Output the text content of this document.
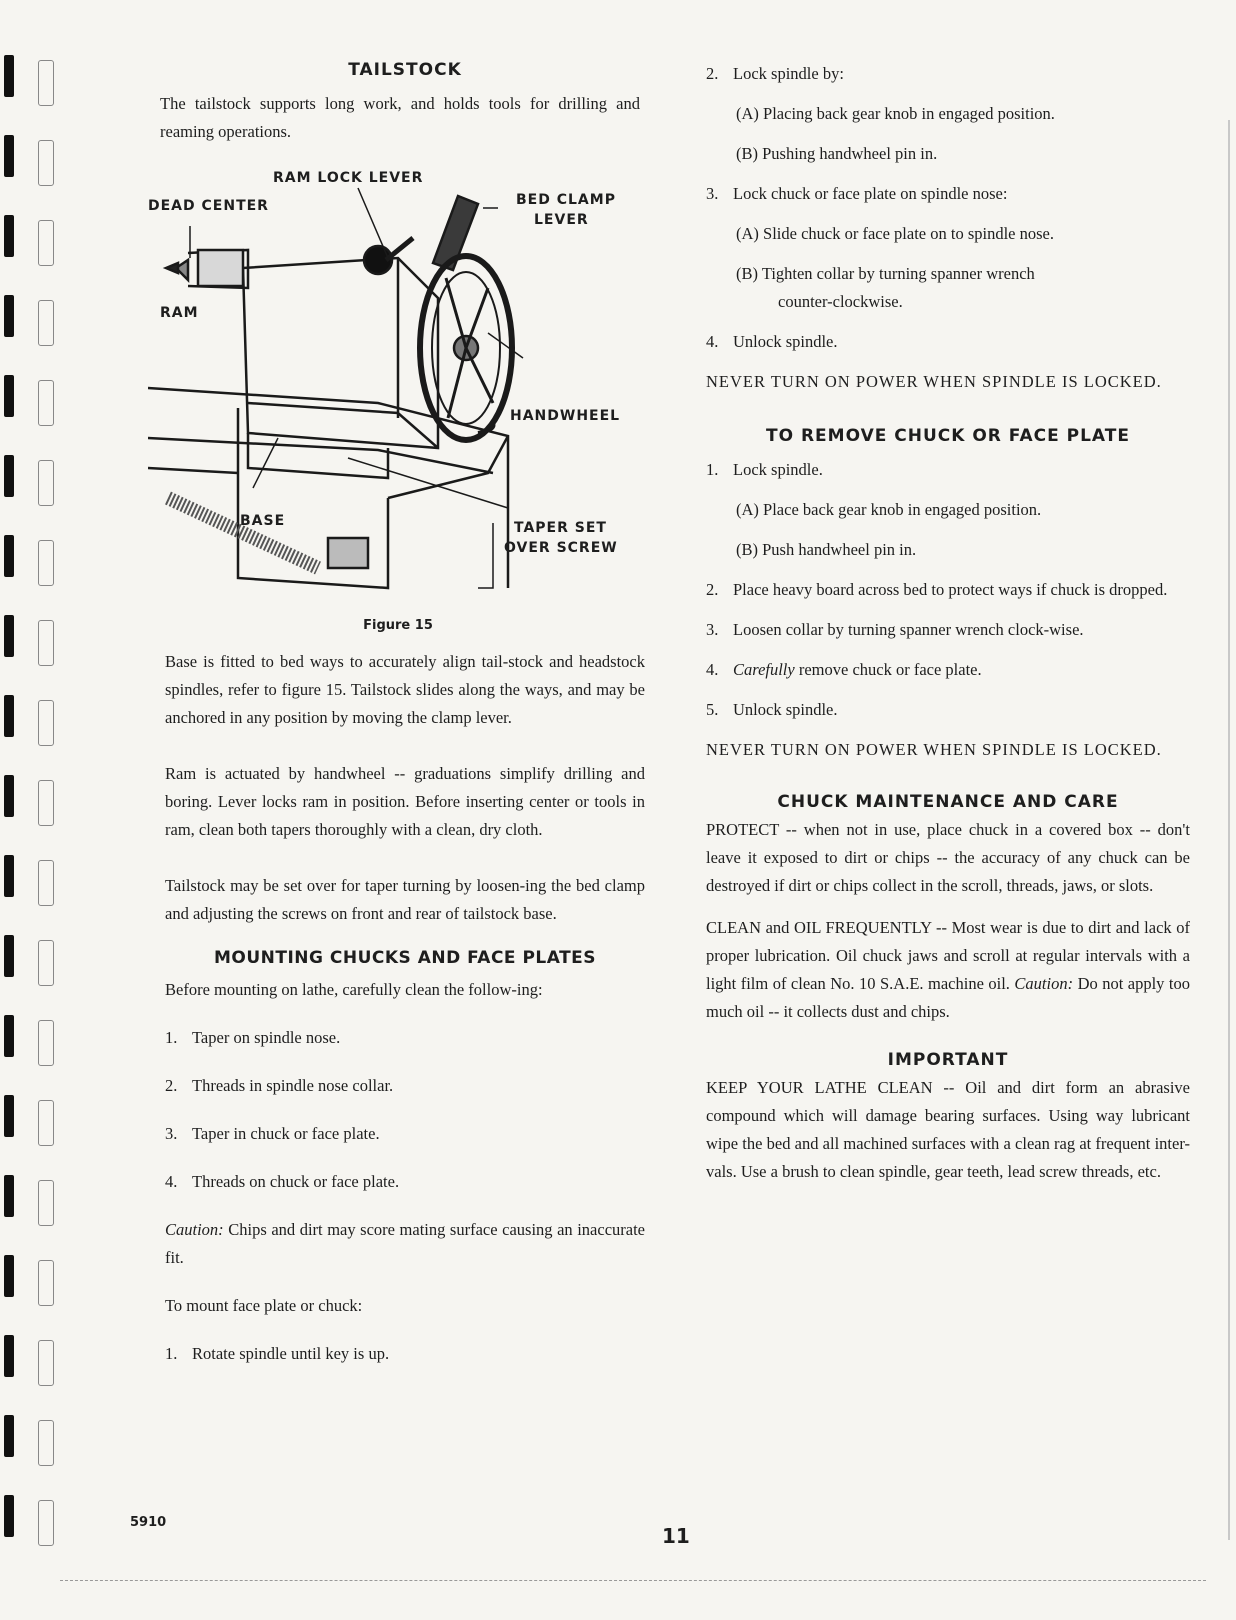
TAILSTOCK

The tailstock supports long work, and holds tools for drilling and reaming operations.

RAM LOCK LEVER
DEAD CENTER	BED CLAMP
LEVER
RAM
HANDWHEEL
BASE	TAPER SET
OVER SCREW
Figure 15

Base is fitted to bed ways to accurately align tail-stock and headstock spindles, refer to figure 15. Tailstock slides along the ways, and may be anchored in any position by moving the clamp lever.

Ram is actuated by handwheel -- graduations simplify drilling and boring. Lever locks ram in position. Before inserting center or tools in ram, clean both tapers thoroughly with a clean, dry cloth.

Tailstock may be set over for taper turning by loosen-ing the bed clamp and adjusting the screws on front and rear of tailstock base.

MOUNTING CHUCKS AND FACE PLATES

Before mounting on lathe, carefully clean the follow-ing:

1. Taper on spindle nose.
2. Threads in spindle nose collar.
3. Taper in chuck or face plate.
4. Threads on chuck or face plate.

Caution: Chips and dirt may score mating surface causing an inaccurate fit.

To mount face plate or chuck:

1. Rotate spindle until key is up.
2. Lock spindle by:
(A) Placing back gear knob in engaged position.
(B) Pushing handwheel pin in.
3. Lock chuck or face plate on spindle nose:
(A) Slide chuck or face plate on to spindle nose.
(B) Tighten collar by turning spanner wrench
counter-clockwise.
4. Unlock spindle.

NEVER TURN ON POWER WHEN SPINDLE IS LOCKED.

TO REMOVE CHUCK OR FACE PLATE
1. Lock spindle.
(A) Place back gear knob in engaged position.
(B) Push handwheel pin in.
2. Place heavy board across bed to protect ways if chuck is dropped.
3. Loosen collar by turning spanner wrench clock-wise.
4. Carefully remove chuck or face plate.
5. Unlock spindle.

NEVER TURN ON POWER WHEN SPINDLE IS LOCKED.

CHUCK MAINTENANCE AND CARE

PROTECT -- when not in use, place chuck in a covered box -- don't leave it exposed to dirt or chips -- the accuracy of any chuck can be destroyed if dirt or chips collect in the scroll, threads, jaws, or slots.

CLEAN and OIL FREQUENTLY -- Most wear is due to dirt and lack of proper lubrication. Oil chuck jaws and scroll at regular intervals with a light film of clean No. 10 S.A.E. machine oil. Caution: Do not apply too much oil -- it collects dust and chips.

IMPORTANT

KEEP YOUR LATHE CLEAN -- Oil and dirt form an abrasive compound which will damage bearing surfaces. Using way lubricant wipe the bed and all machined surfaces with a clean rag at frequent inter-vals. Use a brush to clean spindle, gear teeth, lead screw threads, etc.

5910
11
